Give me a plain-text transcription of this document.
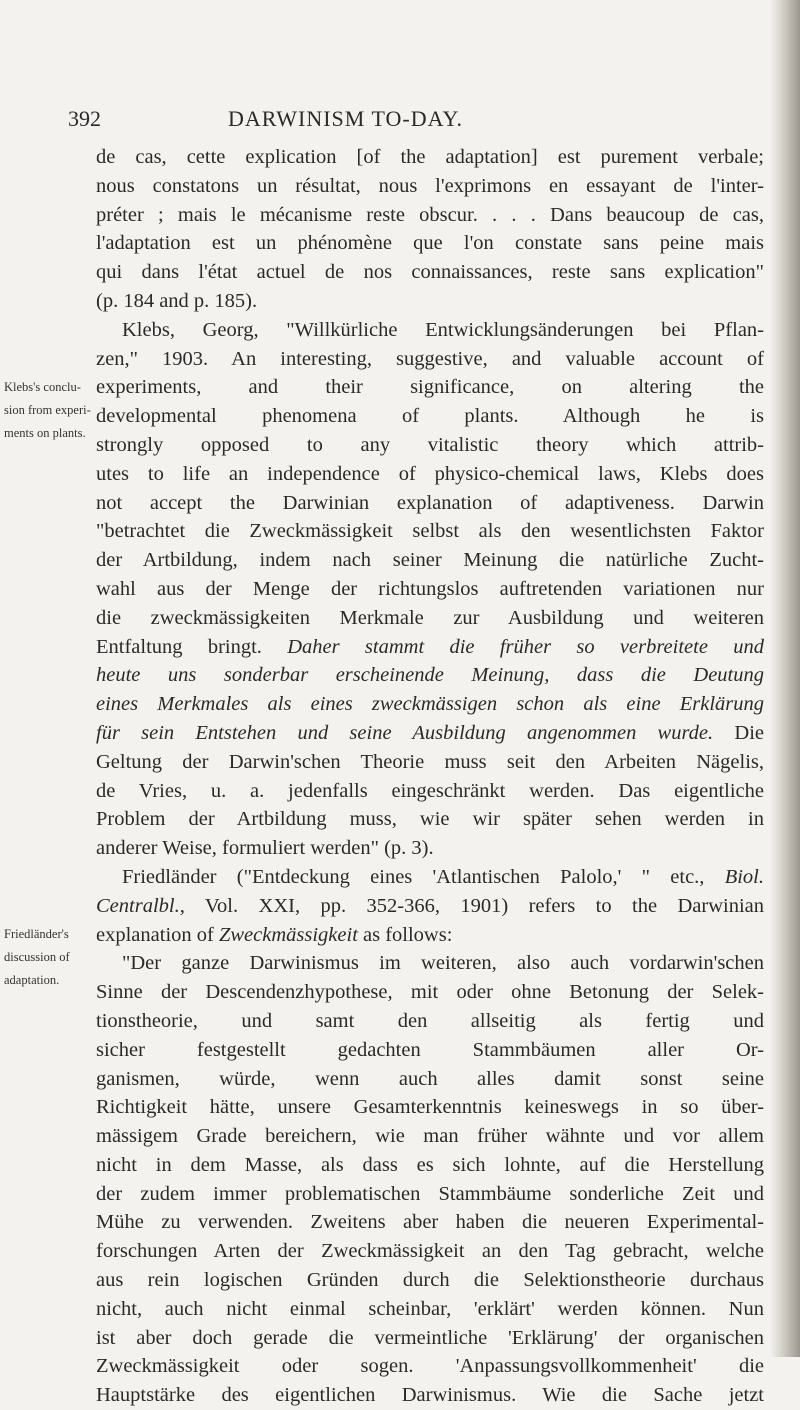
392	DARWINISM TO-DAY.
Klebs's conclu-
sion from experi-
ments on plants.
Friedländer's
discussion of
adaptation.
de cas, cette explication [of the adaptation] est purement verbale;
nous constatons un résultat, nous l'exprimons en essayant de l'inter-
préter ; mais le mécanisme reste obscur. . . . Dans beaucoup de cas,
l'adaptation est un phénomène que l'on constate sans peine mais
qui dans l'état actuel de nos connaissances, reste sans explication"
(p. 184 and p. 185).
Klebs, Georg, "Willkürliche Entwicklungsänderungen bei Pflan-
zen," 1903. An interesting, suggestive, and valuable account of
experiments, and their significance, on altering the
developmental phenomena of plants. Although he is
strongly opposed to any vitalistic theory which attrib-
utes to life an independence of physico-chemical laws, Klebs does
not accept the Darwinian explanation of adaptiveness. Darwin
"betrachtet die Zweckmässigkeit selbst als den wesentlichsten Faktor
der Artbildung, indem nach seiner Meinung die natürliche Zucht-
wahl aus der Menge der richtungslos auftretenden variationen nur
die zweckmässigkeiten Merkmale zur Ausbildung und weiteren
Entfaltung bringt. Daher stammt die früher so verbreitete und
heute uns sonderbar erscheinende Meinung, dass die Deutung
eines Merkmales als eines zweckmässigen schon als eine Erklärung
für sein Entstehen und seine Ausbildung angenommen wurde. Die
Geltung der Darwin'schen Theorie muss seit den Arbeiten Nägelis,
de Vries, u. a. jedenfalls eingeschränkt werden. Das eigentliche
Problem der Artbildung muss, wie wir später sehen werden in
anderer Weise, formuliert werden" (p. 3).
Friedländer ("Entdeckung eines 'Atlantischen Palolo,' " etc., Biol.
Centralbl., Vol. XXI, pp. 352-366, 1901) refers to the Darwinian
explanation of Zweckmässigkeit as follows:
"Der ganze Darwinismus im weiteren, also auch vordarwin'schen
Sinne der Descendenzhypothese, mit oder ohne Betonung der Selek-
tionstheorie, und samt den allseitig als fertig und
sicher festgestellt gedachten Stammbäumen aller Or-
ganismen, würde, wenn auch alles damit sonst seine
Richtigkeit hätte, unsere Gesamterkenntnis keineswegs in so über-
mässigem Grade bereichern, wie man früher wähnte und vor allem
nicht in dem Masse, als dass es sich lohnte, auf die Herstellung
der zudem immer problematischen Stammbäume sonderliche Zeit und
Mühe zu verwenden. Zweitens aber haben die neueren Experimental-
forschungen Arten der Zweckmässigkeit an den Tag gebracht, welche
aus rein logischen Gründen durch die Selektionstheorie durchaus
nicht, auch nicht einmal scheinbar, 'erklärt' werden können. Nun
ist aber doch gerade die vermeintliche 'Erklärung' der organischen
Zweckmässigkeit oder sogen. 'Anpassungsvollkommenheit' die
Hauptstärke des eigentlichen Darwinismus. Wie die Sache jetzt
